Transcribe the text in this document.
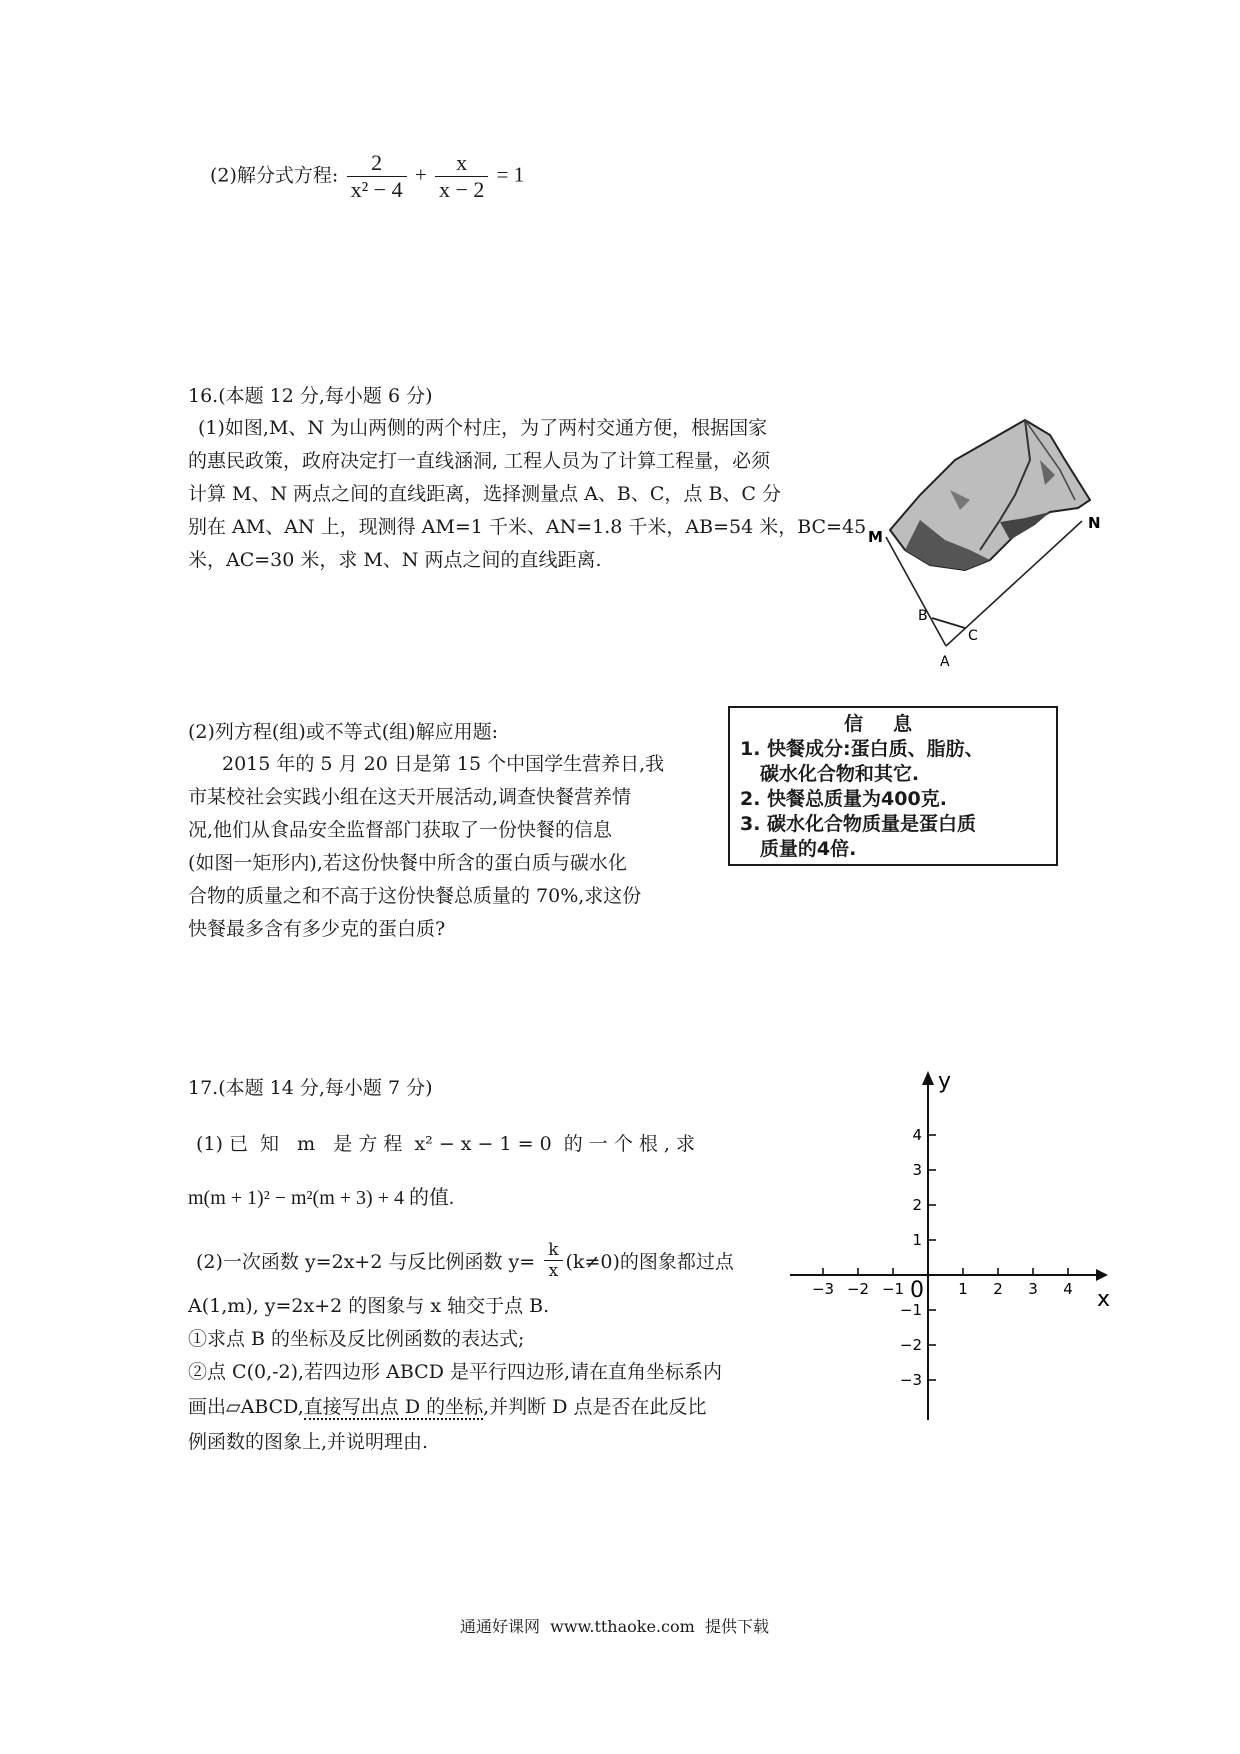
(2)解分式方程: $\frac{2}{\text{x² − 4}} + \frac{x}{x - 2} = 1$
16.(本题 12 分,每小题 6 分)
(1)如图,M、N 为山两侧的两个村庄，为了两村交通方便，根据国家
的惠民政策，政府决定打一直线涵洞, 工程人员为了计算工程量，必须
计算 M、N 两点之间的直线距离，选择测量点 A、B、C，点 B、C 分
别在 AM、AN 上，现测得 AM=1 千米、AN=1.8 千米，AB=54 米，BC=45
米，AC=30 米，求 M、N 两点之间的直线距离.
M
N
B
C
A
(2)列方程(组)或不等式(组)解应用题:
2015 年的 5 月 20 日是第 15 个中国学生营养日,我
市某校社会实践小组在这天开展活动,调查快餐营养情
况,他们从食品安全监督部门获取了一份快餐的信息
(如图一矩形内),若这份快餐中所含的蛋白质与碳水化
合物的质量之和不高于这份快餐总质量的 70%,求这份
快餐最多含有多少克的蛋白质?
信息
1. 快餐成分:蛋白质、脂肪、
碳水化合物和其它.
2. 快餐总质量为400克.
3. 碳水化合物质量是蛋白质
质量的4倍.
17.(本题 14 分,每小题 7 分)
(1) 已  知   m   是 方 程  x² − x − 1 = 0  的 一 个 根 , 求
m(m + 1)² − m²(m + 3) + 4 的值.
(2)一次函数 y=2x+2 与反比例函数 $y= \frac{k}{x} (k\ne 0)$的图象都过点
A(1,m), y=2x+2 的图象与 x 轴交于点 B.
①求点 B 的坐标及反比例函数的表达式;
②点 C(0,-2),若四边形 ABCD 是平行四边形,请在直角坐标系内
画出▱ABCD,直接写出点 D 的坐标,并判断 D 点是否在此反比
例函数的图象上,并说明理由.
x
y
0
−3 −2 −1	1 2 3 4
4
3
2
1
−1
−2
−3
通通好课网  www.tthaoke.com  提供下载
